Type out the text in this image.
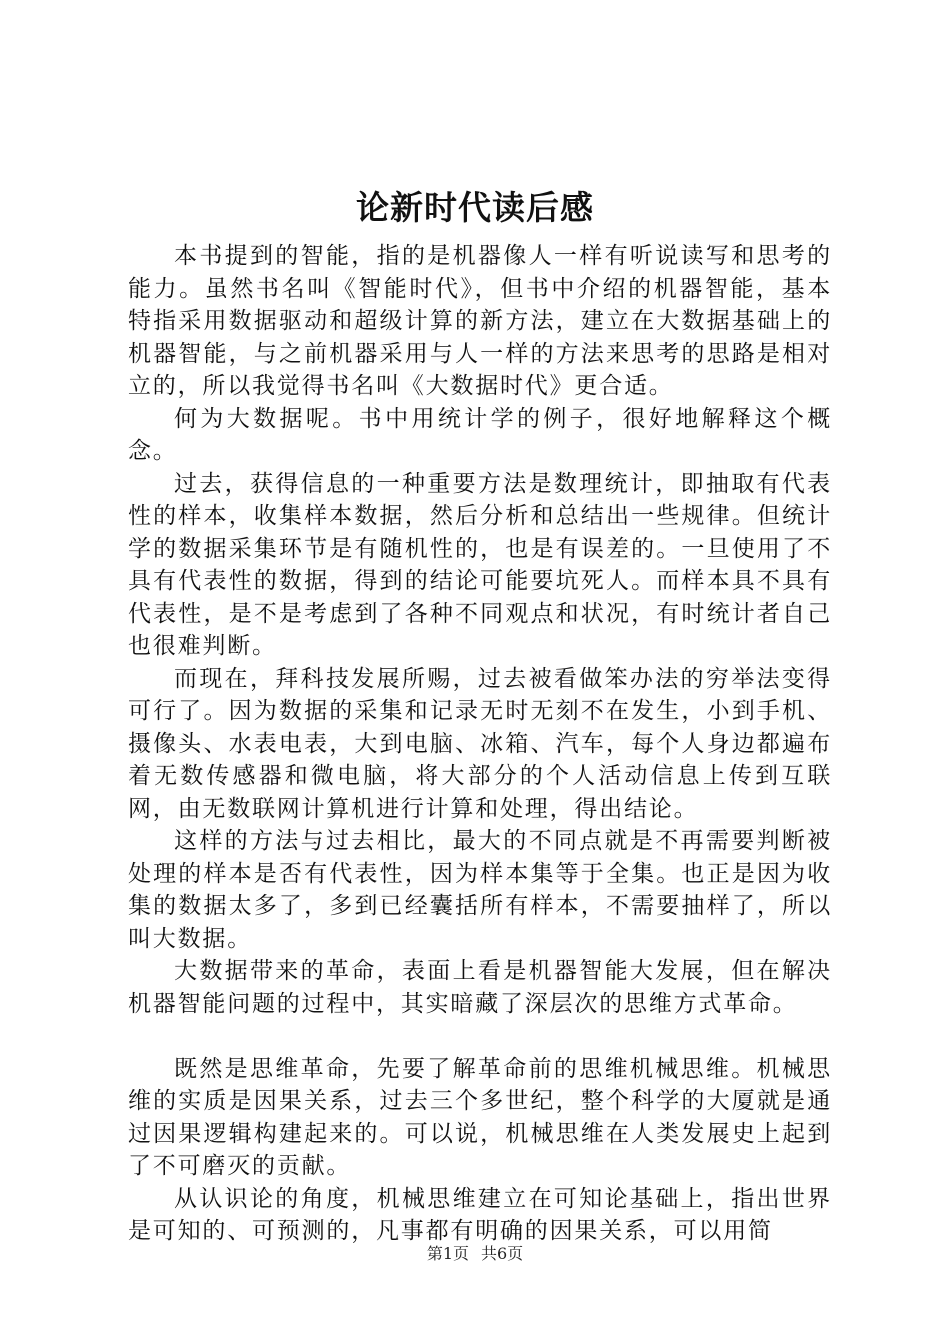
论新时代读后感

本书提到的智能，指的是机器像人一样有听说读写和思考的能力。虽然书名叫《智能时代》，但书中介绍的机器智能，基本特指采用数据驱动和超级计算的新方法，建立在大数据基础上的机器智能，与之前机器采用与人一样的方法来思考的思路是相对立的，所以我觉得书名叫《大数据时代》更合适。

何为大数据呢。书中用统计学的例子，很好地解释这个概念。

过去，获得信息的一种重要方法是数理统计，即抽取有代表性的样本，收集样本数据，然后分析和总结出一些规律。但统计学的数据采集环节是有随机性的，也是有误差的。一旦使用了不具有代表性的数据，得到的结论可能要坑死人。而样本具不具有代表性，是不是考虑到了各种不同观点和状况，有时统计者自己也很难判断。

而现在，拜科技发展所赐，过去被看做笨办法的穷举法变得可行了。因为数据的采集和记录无时无刻不在发生，小到手机、摄像头、水表电表，大到电脑、冰箱、汽车，每个人身边都遍布着无数传感器和微电脑，将大部分的个人活动信息上传到互联网，由无数联网计算机进行计算和处理，得出结论。

这样的方法与过去相比，最大的不同点就是不再需要判断被处理的样本是否有代表性，因为样本集等于全集。也正是因为收集的数据太多了，多到已经囊括所有样本，不需要抽样了，所以叫大数据。

大数据带来的革命，表面上看是机器智能大发展，但在解决机器智能问题的过程中，其实暗藏了深层次的思维方式革命。

既然是思维革命，先要了解革命前的思维机械思维。机械思维的实质是因果关系，过去三个多世纪，整个科学的大厦就是通过因果逻辑构建起来的。可以说，机械思维在人类发展史上起到了不可磨灭的贡献。

从认识论的角度，机械思维建立在可知论基础上，指出世界是可知的、可预测的，凡事都有明确的因果关系，可以用简

第1页 共6页
